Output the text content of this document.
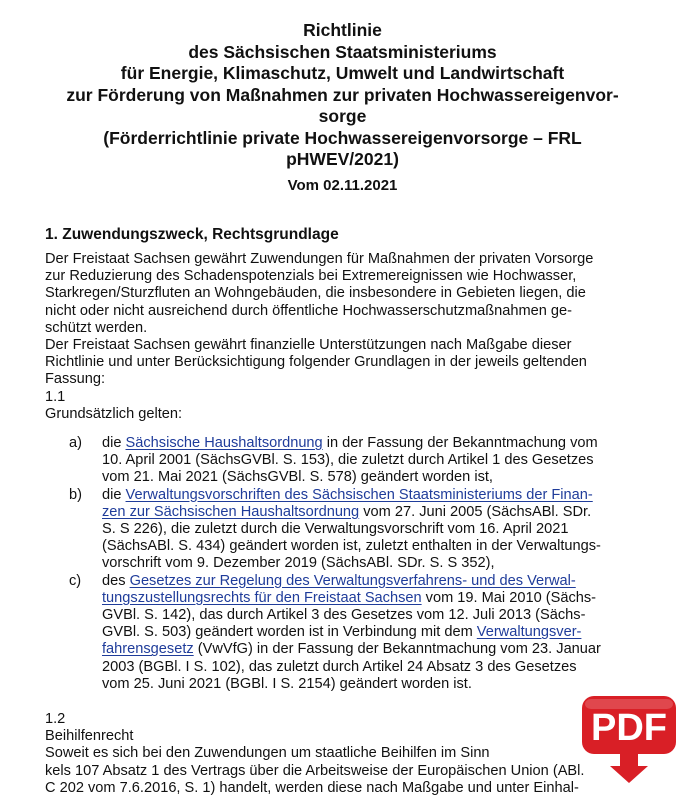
Richtlinie
des Sächsischen Staatsministeriums
für Energie, Klimaschutz, Umwelt und Landwirtschaft
zur Förderung von Maßnahmen zur privaten Hochwassereigenvor-
sorge
(Förderrichtlinie private Hochwassereigenvorsorge – FRL
pHWEV/2021)
Vom 02.11.2021
1. Zuwendungszweck, Rechtsgrundlage
Der Freistaat Sachsen gewährt Zuwendungen für Maßnahmen der privaten Vorsorge
zur Reduzierung des Schadenspotenzials bei Extremereignissen wie Hochwasser,
Starkregen/Sturzfluten an Wohngebäuden, die insbesondere in Gebieten liegen, die
nicht oder nicht ausreichend durch öffentliche Hochwasserschutzmaßnahmen ge-
schützt werden.
Der Freistaat Sachsen gewährt finanzielle Unterstützungen nach Maßgabe dieser
Richtlinie und unter Berücksichtigung folgender Grundlagen in der jeweils geltenden
Fassung:
1.1
Grundsätzlich gelten:
a)	die Sächsische Haushaltsordnung in der Fassung der Bekanntmachung vom
10. April 2001 (SächsGVBl. S. 153), die zuletzt durch Artikel 1 des Gesetzes
vom 21. Mai 2021 (SächsGVBl. S. 578) geändert worden ist,
b)	die Verwaltungsvorschriften des Sächsischen Staatsministeriums der Finan-
zen zur Sächsischen Haushaltsordnung vom 27. Juni 2005 (SächsABl. SDr.
S. S 226), die zuletzt durch die Verwaltungsvorschrift vom 16. April 2021
(SächsABl. S. 434) geändert worden ist, zuletzt enthalten in der Verwaltungs-
vorschrift vom 9. Dezember 2019 (SächsABl. SDr. S. S 352),
c)	des Gesetzes zur Regelung des Verwaltungsverfahrens- und des Verwal-
tungszustellungsrechts für den Freistaat Sachsen vom 19. Mai 2010 (Sächs-
GVBl. S. 142), das durch Artikel 3 des Gesetzes vom 12. Juli 2013 (Sächs-
GVBl. S. 503) geändert worden ist in Verbindung mit dem Verwaltungsver-
fahrensgesetz (VwVfG) in der Fassung der Bekanntmachung vom 23. Januar
2003 (BGBl. I S. 102), das zuletzt durch Artikel 24 Absatz 3 des Gesetzes
vom 25. Juni 2021 (BGBl. I S. 2154) geändert worden ist.
1.2
Beihilfenrecht
Soweit es sich bei den Zuwendungen um staatliche Beihilfen im Sinn
kels 107 Absatz 1 des Vertrags über die Arbeitsweise der Europäischen Union (ABl.
C 202 vom 7.6.2016, S. 1) handelt, werden diese nach Maßgabe und unter Einhal-
PDF
